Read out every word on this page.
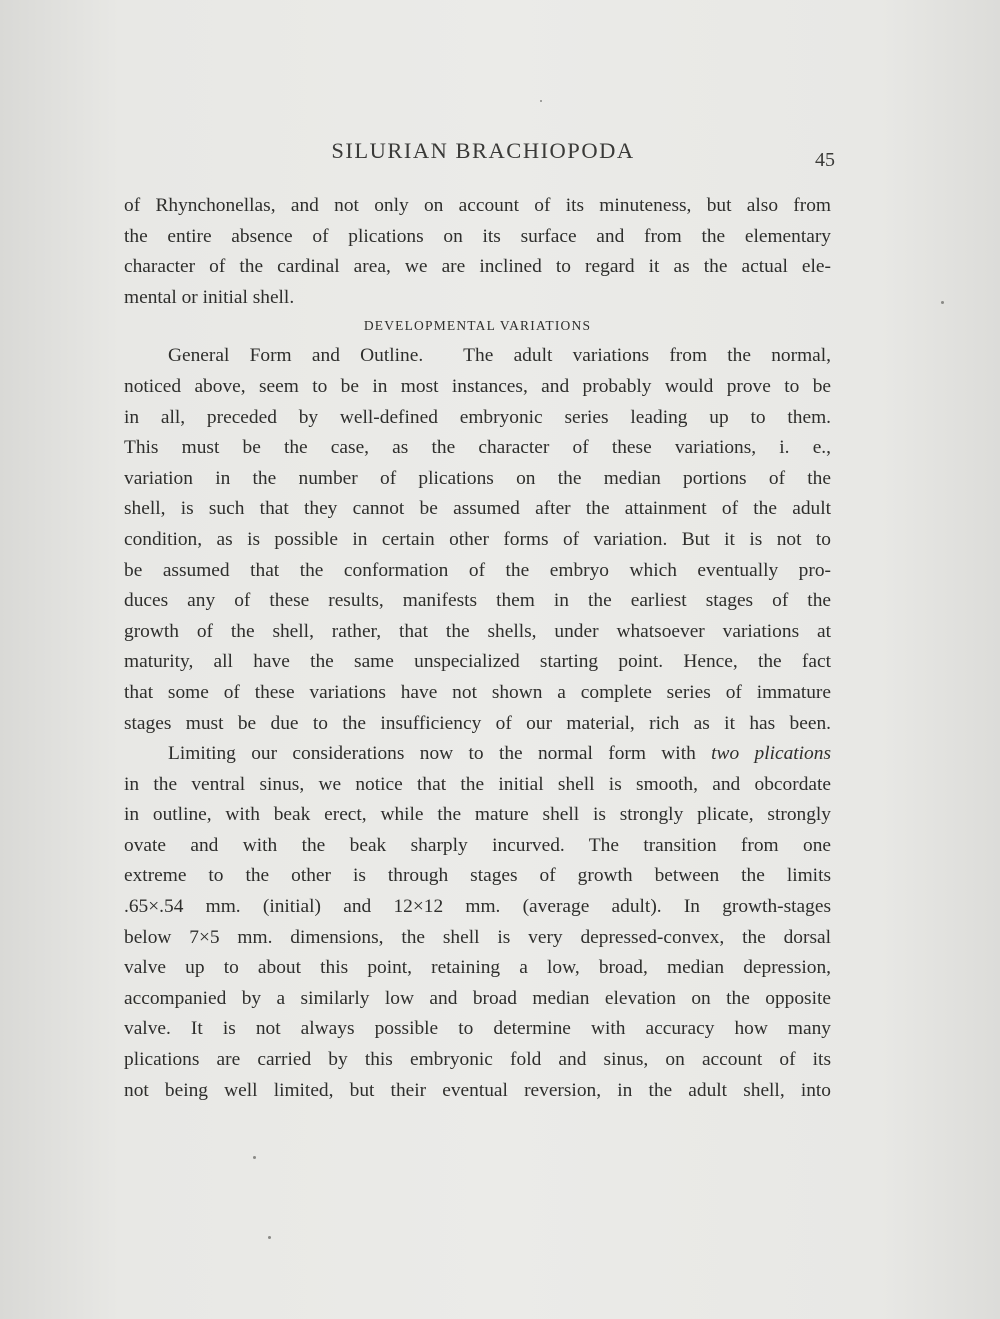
SILURIAN BRACHIOPODA	45
of Rhynchonellas, and not only on account of its minuteness, but also from
the entire absence of plications on its surface and from the elementary
character of the cardinal area, we are inclined to regard it as the actual ele-
mental or initial shell.
DEVELOPMENTAL VARIATIONS
General Form and Outline. The adult variations from the normal,
noticed above, seem to be in most instances, and probably would prove to be
in all, preceded by well-defined embryonic series leading up to them.
This must be the case, as the character of these variations, i. e.,
variation in the number of plications on the median portions of the
shell, is such that they cannot be assumed after the attainment of the adult
condition, as is possible in certain other forms of variation. But it is not to
be assumed that the conformation of the embryo which eventually pro-
duces any of these results, manifests them in the earliest stages of the
growth of the shell, rather, that the shells, under whatsoever variations at
maturity, all have the same unspecialized starting point. Hence, the fact
that some of these variations have not shown a complete series of immature
stages must be due to the insufficiency of our material, rich as it has been.
Limiting our considerations now to the normal form with two plications
in the ventral sinus, we notice that the initial shell is smooth, and obcordate
in outline, with beak erect, while the mature shell is strongly plicate, strongly
ovate and with the beak sharply incurved. The transition from one
extreme to the other is through stages of growth between the limits
.65×.54 mm. (initial) and 12×12 mm. (average adult). In growth-stages
below 7×5 mm. dimensions, the shell is very depressed-convex, the dorsal
valve up to about this point, retaining a low, broad, median depression,
accompanied by a similarly low and broad median elevation on the opposite
valve. It is not always possible to determine with accuracy how many
plications are carried by this embryonic fold and sinus, on account of its
not being well limited, but their eventual reversion, in the adult shell, into
